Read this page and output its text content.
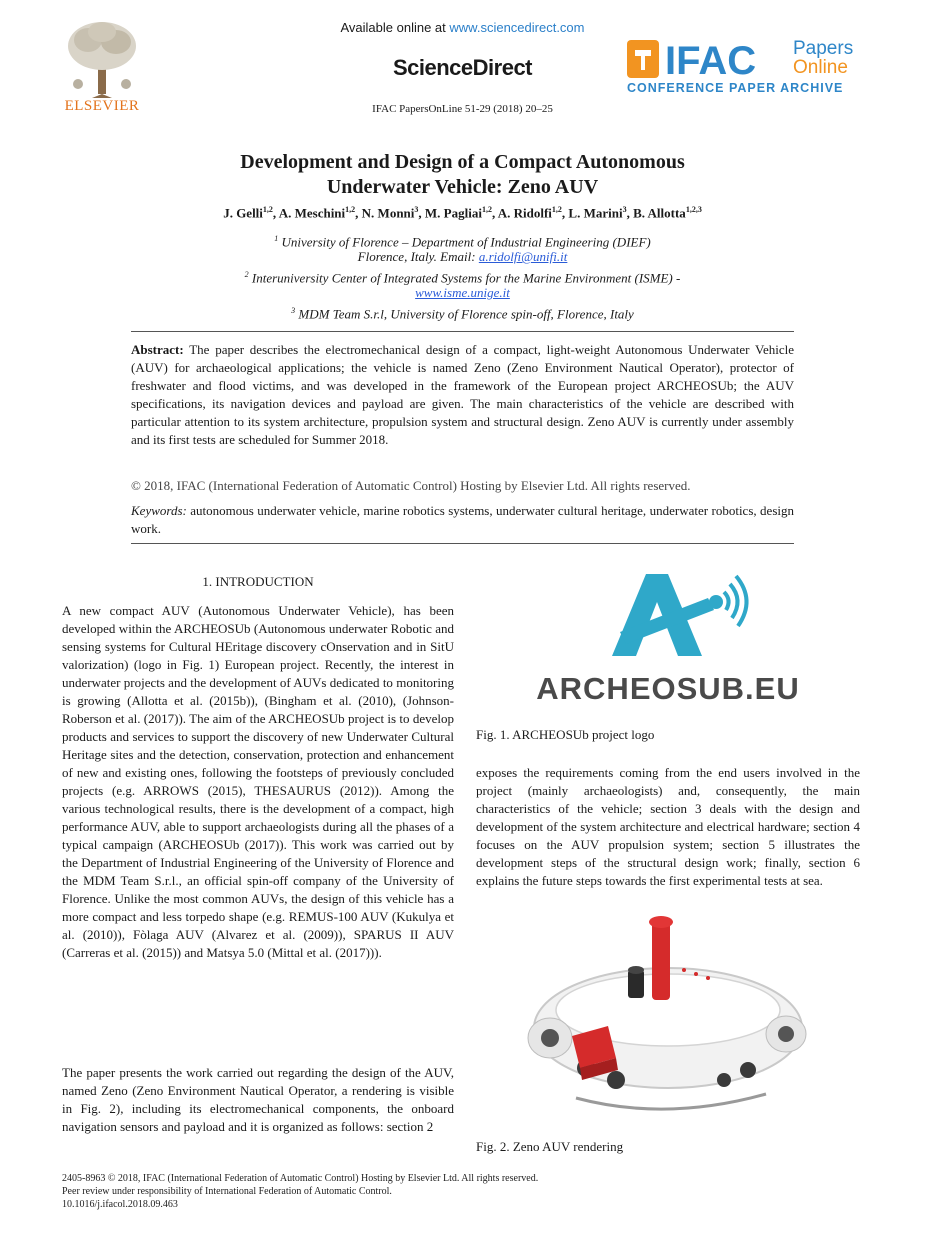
Available online at www.sciencedirect.com
ScienceDirect
IFAC PapersOnLine 51-29 (2018) 20–25
ELSEVIER
IFAC Papers
Online
CONFERENCE PAPER ARCHIVE
Development and Design of a Compact Autonomous
Underwater Vehicle: Zeno AUV
J. Gelli$^{1,2}$, A. Meschini$^{1,2}$, N. Monni$^3$, M. Pagliai$^{1,2}$, A. Ridolfi$^{1,2}$, L. Marini$^3$, B. Allotta$^{1,2,3}$
$^1$ University of Florence – Department of Industrial Engineering (DIEF)
Florence, Italy. Email: a.ridolfi@unifi.it
$^2$ Interuniversity Center of Integrated Systems for the Marine Environment (ISME) -
www.isme.unige.it
$^3$ MDM Team S.r.l, University of Florence spin-off, Florence, Italy
Abstract: The paper describes the electromechanical design of a compact, light-weight Autonomous Underwater Vehicle (AUV) for archaeological applications; the vehicle is named Zeno (Zeno Environment Nautical Operator), protector of freshwater and flood victims, and was developed in the framework of the European project ARCHEOSUb; the AUV specifications, its navigation devices and payload are given. The main characteristics of the vehicle are described with particular attention to its system architecture, propulsion system and structural design. Zeno AUV is currently under assembly and its first tests are scheduled for Summer 2018.
© 2018, IFAC (International Federation of Automatic Control) Hosting by Elsevier Ltd. All rights reserved.
Keywords: autonomous underwater vehicle, marine robotics systems, underwater cultural heritage, underwater robotics, design work.
1. INTRODUCTION
A new compact AUV (Autonomous Underwater Vehicle), has been developed within the ARCHEOSUb (Autonomous underwater Robotic and sensing systems for Cultural HEritage discovery cOnservation and in SitU valorization) (logo in Fig. 1) European project. Recently, the interest in underwater projects and the development of AUVs dedicated to monitoring is growing (Allotta et al. (2015b)), (Bingham et al. (2010), (Johnson-Roberson et al. (2017)). The aim of the ARCHEOSUb project is to develop products and services to support the discovery of new Underwater Cultural Heritage sites and the detection, conservation, protection and enhancement of new and existing ones, following the footsteps of previously concluded projects (e.g. ARROWS (2015), THESAURUS (2012)). Among the various technological results, there is the development of a compact, high performance AUV, able to support archaeologists during all the phases of a typical campaign (ARCHEOSUb (2017)). This work was carried out by the Department of Industrial Engineering of the University of Florence and the MDM Team S.r.l., an official spin-off company of the University of Florence. Unlike the most common AUVs, the design of this vehicle has a more compact and less torpedo shape (e.g. REMUS-100 AUV (Kukulya et al. (2010)), Fòlaga AUV (Alvarez et al. (2009)), SPARUS II AUV (Carreras et al. (2015)) and Matsya 5.0 (Mittal et al. (2017))).
The paper presents the work carried out regarding the design of the AUV, named Zeno (Zeno Environment Nautical Operator, a rendering is visible in Fig. 2), including its electromechanical components, the onboard navigation sensors and payload and it is organized as follows: section 2
ARCHEOSUB.EU
Fig. 1. ARCHEOSUb project logo
exposes the requirements coming from the end users involved in the project (mainly archaeologists) and, consequently, the main characteristics of the vehicle; section 3 deals with the design and development of the system architecture and electrical hardware; section 4 focuses on the AUV propulsion system; section 5 illustrates the development steps of the structural design work; finally, section 6 explains the future steps towards the first experimental tests at sea.
Fig. 2. Zeno AUV rendering
2405-8963 © 2018, IFAC (International Federation of Automatic Control) Hosting by Elsevier Ltd. All rights reserved.
Peer review under responsibility of International Federation of Automatic Control.
10.1016/j.ifacol.2018.09.463
